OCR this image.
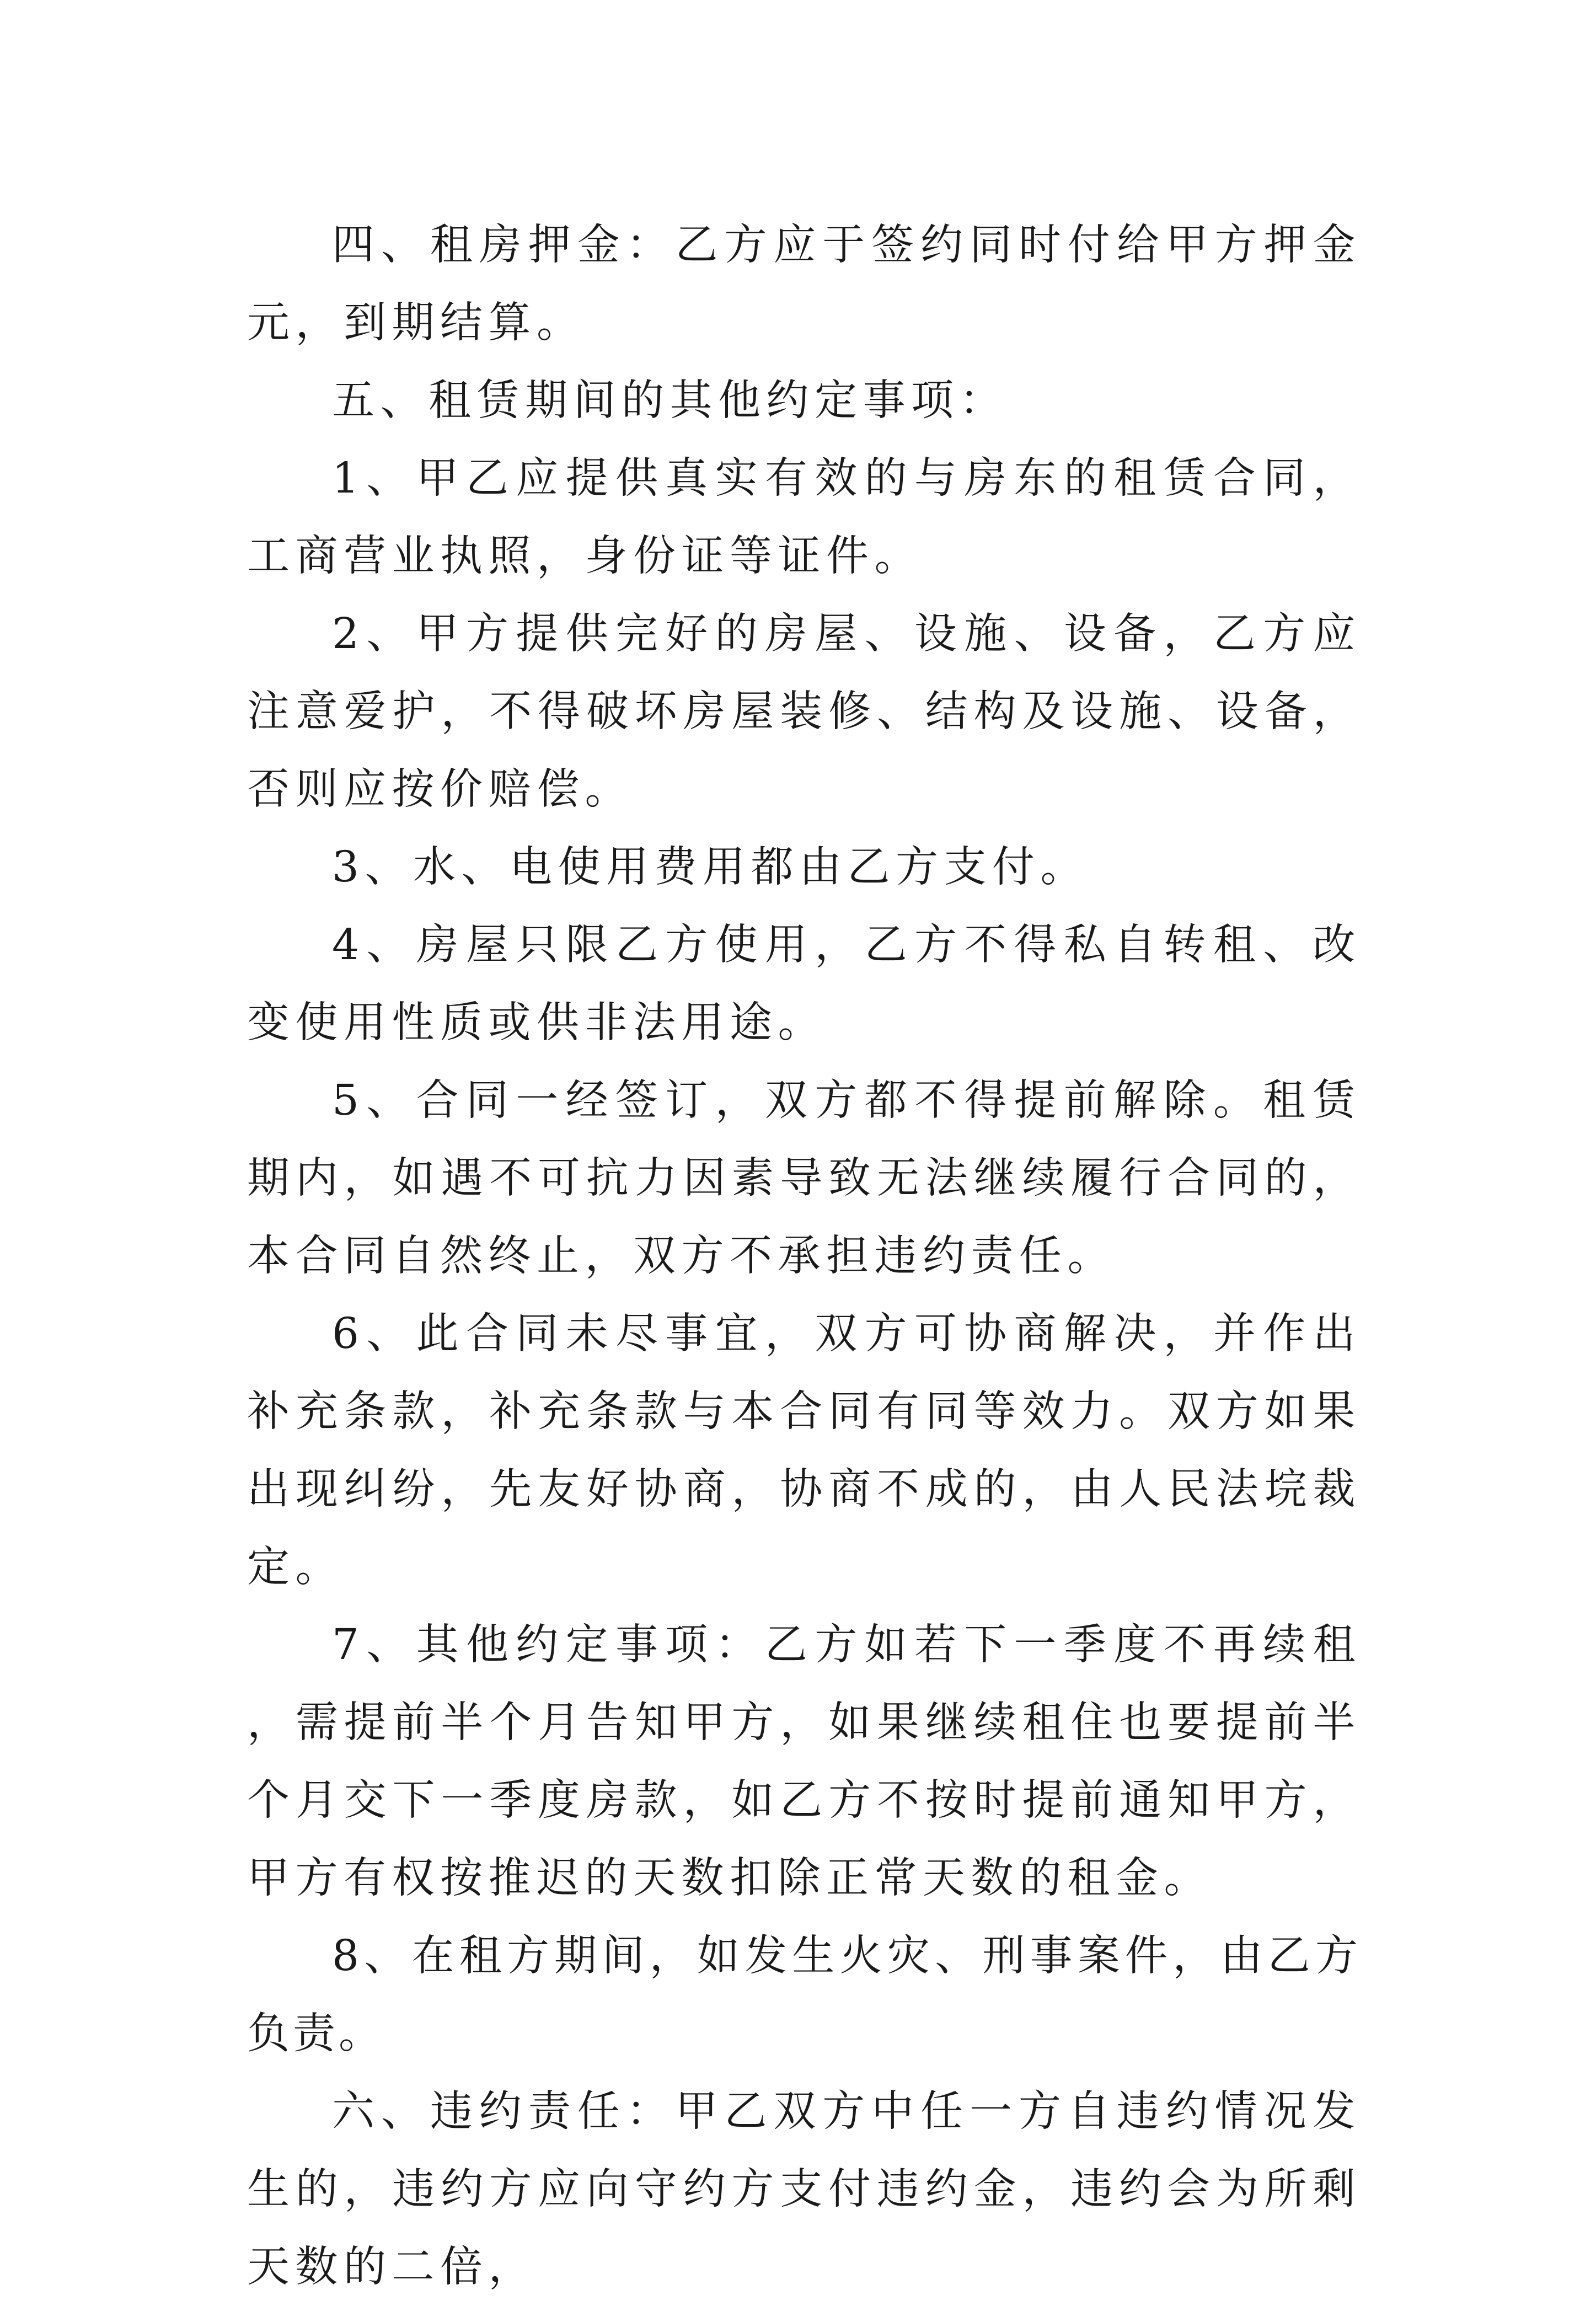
四、租房押金：乙方应于签约同时付给甲方押金元，到期结算。

五、租赁期间的其他约定事项：

1、甲乙应提供真实有效的与房东的租赁合同，工商营业执照，身份证等证件。

2、甲方提供完好的房屋、设施、设备，乙方应注意爱护，不得破坏房屋装修、结构及设施、设备，否则应按价赔偿。

3、水、电使用费用都由乙方支付。

4、房屋只限乙方使用，乙方不得私自转租、改变使用性质或供非法用途。

5、合同一经签订，双方都不得提前解除。租赁期内，如遇不可抗力因素导致无法继续履行合同的，本合同自然终止，双方不承担违约责任。

6、此合同未尽事宜，双方可协商解决，并作出补充条款，补充条款与本合同有同等效力。双方如果出现纠纷，先友好协商，协商不成的，由人民法垸裁定。

7、其他约定事项：乙方如若下一季度不再续租，需提前半个月告知甲方，如果继续租住也要提前半个月交下一季度房款，如乙方不按时提前通知甲方，甲方有权按推迟的天数扣除正常天数的租金。

8、在租方期间，如发生火灾、刑事案件，由乙方负责。

六、违约责任：甲乙双方中任一方自违约情况发生的，违约方应向守约方支付违约金，违约会为所剩天数的二倍，
